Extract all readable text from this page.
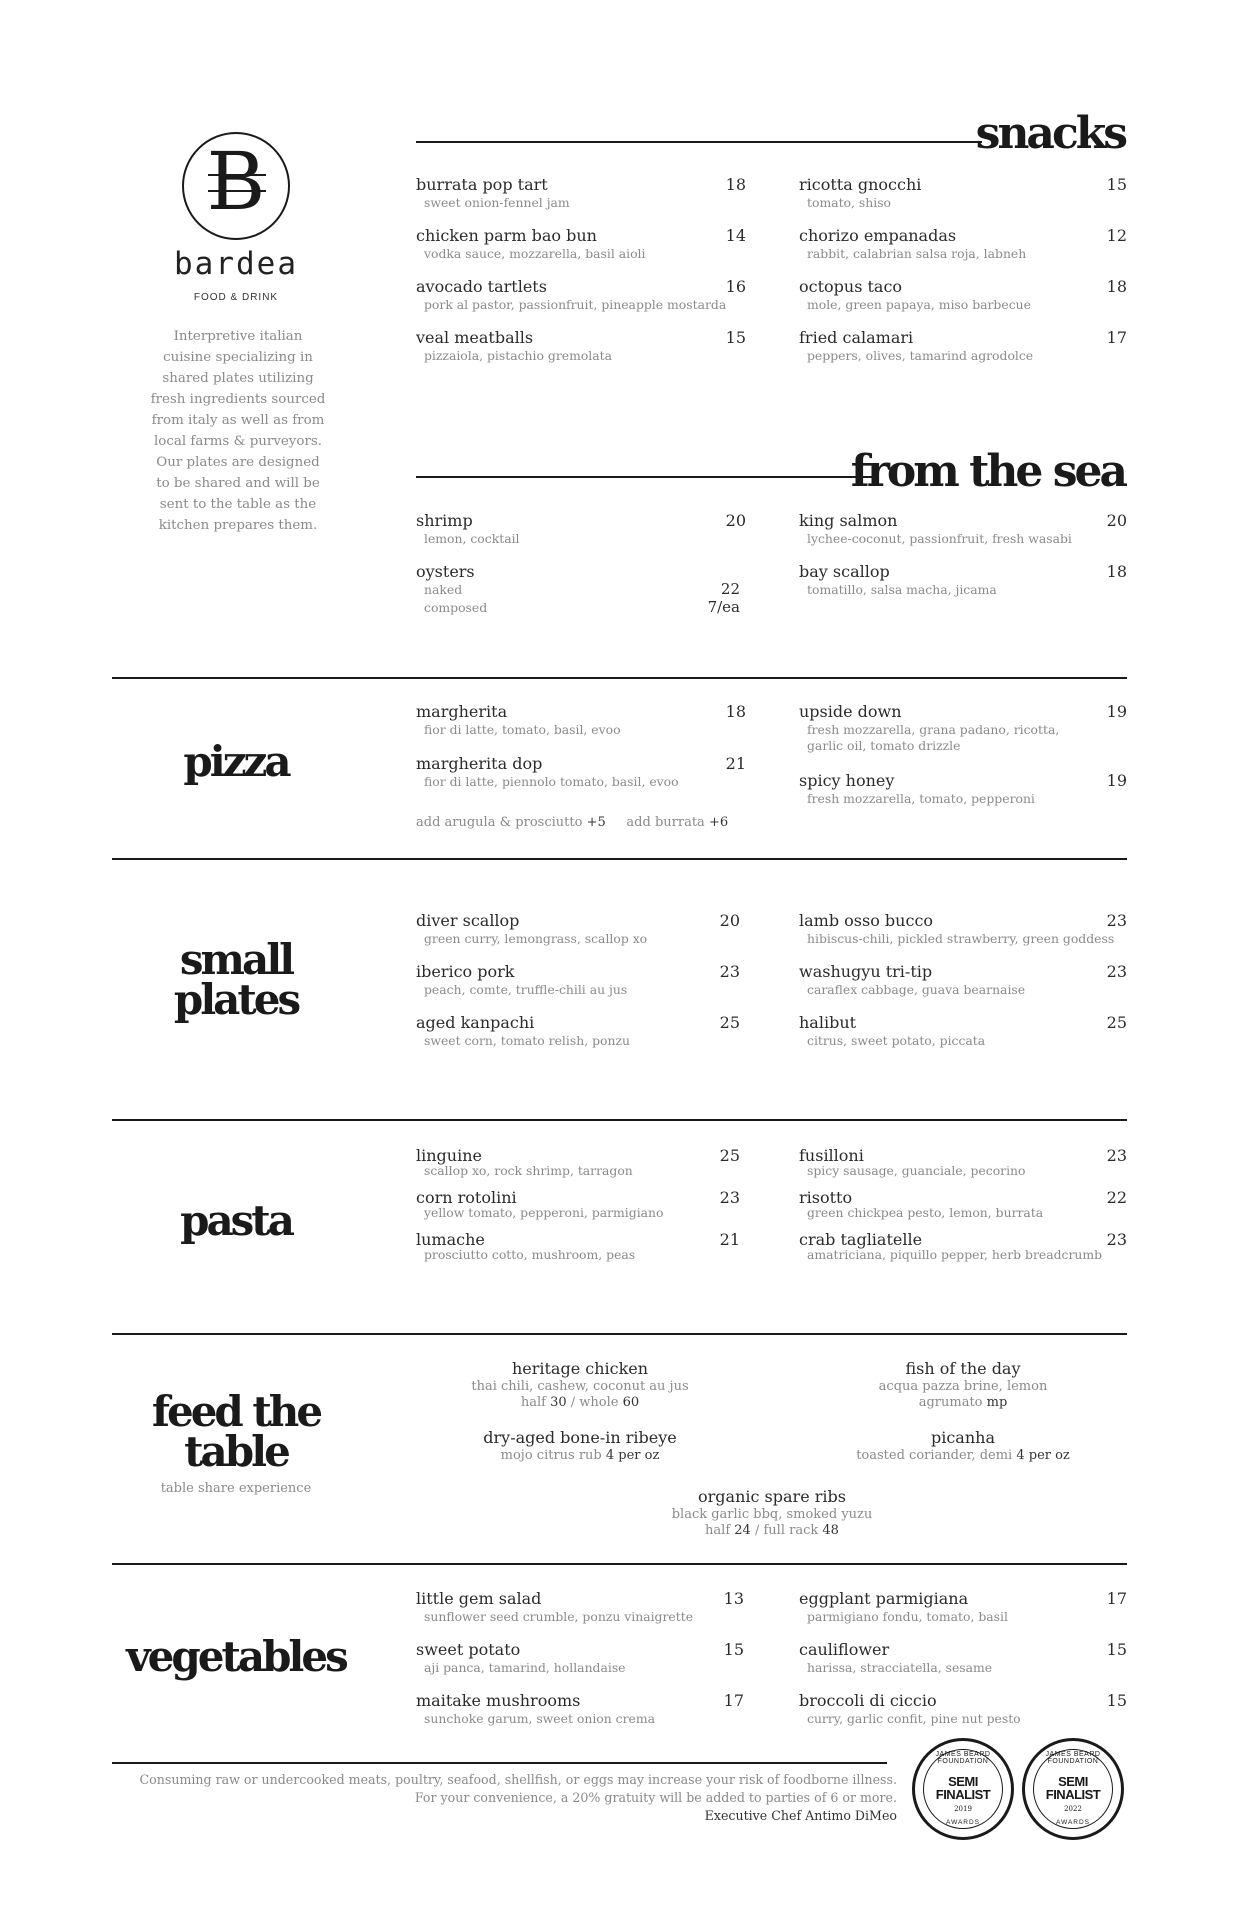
B
bardea
FOOD & DRINK
Interpretive italian cuisine specializing in shared plates utilizing fresh ingredients sourced from italy as well as from local farms & purveyors. Our plates are designed to be shared and will be sent to the table as the kitchen prepares them.
snacks
burrata pop tart	18
sweet onion-fennel jam
chicken parm bao bun	14
vodka sauce, mozzarella, basil aioli
avocado tartlets	16
pork al pastor, passionfruit, pineapple mostarda
veal meatballs	15
pizzaiola, pistachio gremolata
ricotta gnocchi	15
tomato, shiso
chorizo empanadas	12
rabbit, calabrian salsa roja, labneh
octopus taco	18
mole, green papaya, miso barbecue
fried calamari	17
peppers, olives, tamarind agrodolce
from the sea
shrimp	20
lemon, cocktail
oysters
naked	22
composed	7/ea
king salmon	20
lychee-coconut, passionfruit, fresh wasabi
bay scallop	18
tomatillo, salsa macha, jicama
pizza
margherita	18
fior di latte, tomato, basil, evoo
margherita dop	21
fior di latte, piennolo tomato, basil, evoo
add arugula & prosciutto +5 add burrata +6
upside down	19
fresh mozzarella, grana padano, ricotta,
garlic oil, tomato drizzle
spicy honey	19
fresh mozzarella, tomato, pepperoni
small
plates
diver scallop	20
green curry, lemongrass, scallop xo
iberico pork	23
peach, comte, truffle-chili au jus
aged kanpachi	25
sweet corn, tomato relish, ponzu
lamb osso bucco	23
hibiscus-chili, pickled strawberry, green goddess
washugyu tri-tip	23
caraflex cabbage, guava bearnaise
halibut	25
citrus, sweet potato, piccata
pasta
linguine	25
scallop xo, rock shrimp, tarragon
corn rotolini	23
yellow tomato, pepperoni, parmigiano
lumache	21
prosciutto cotto, mushroom, peas
fusilloni	23
spicy sausage, guanciale, pecorino
risotto	22
green chickpea pesto, lemon, burrata
crab tagliatelle	23
amatriciana, piquillo pepper, herb breadcrumb
feed the
table
table share experience
heritage chicken
thai chili, cashew, coconut au jus
half 30 / whole 60
dry-aged bone-in ribeye
mojo citrus rub 4 per oz
fish of the day
acqua pazza brine, lemon
agrumato mp
picanha
toasted coriander, demi 4 per oz
organic spare ribs
black garlic bbq, smoked yuzu
half 24 / full rack 48
vegetables
little gem salad	13
sunflower seed crumble, ponzu vinaigrette
sweet potato	15
aji panca, tamarind, hollandaise
maitake mushrooms	17
sunchoke garum, sweet onion crema
eggplant parmigiana	17
parmigiano fondu, tomato, basil
cauliflower	15
harissa, stracciatella, sesame
broccoli di ciccio	15
curry, garlic confit, pine nut pesto
Consuming raw or undercooked meats, poultry, seafood, shellfish, or eggs may increase your risk of foodborne illness.
For your convenience, a 20% gratuity will be added to parties of 6 or more.
Executive Chef Antimo DiMeo
JAMES BEARD FOUNDATION
SEMI
FINALIST
2019
AWARDS
JAMES BEARD FOUNDATION
SEMI
FINALIST
2022
AWARDS
